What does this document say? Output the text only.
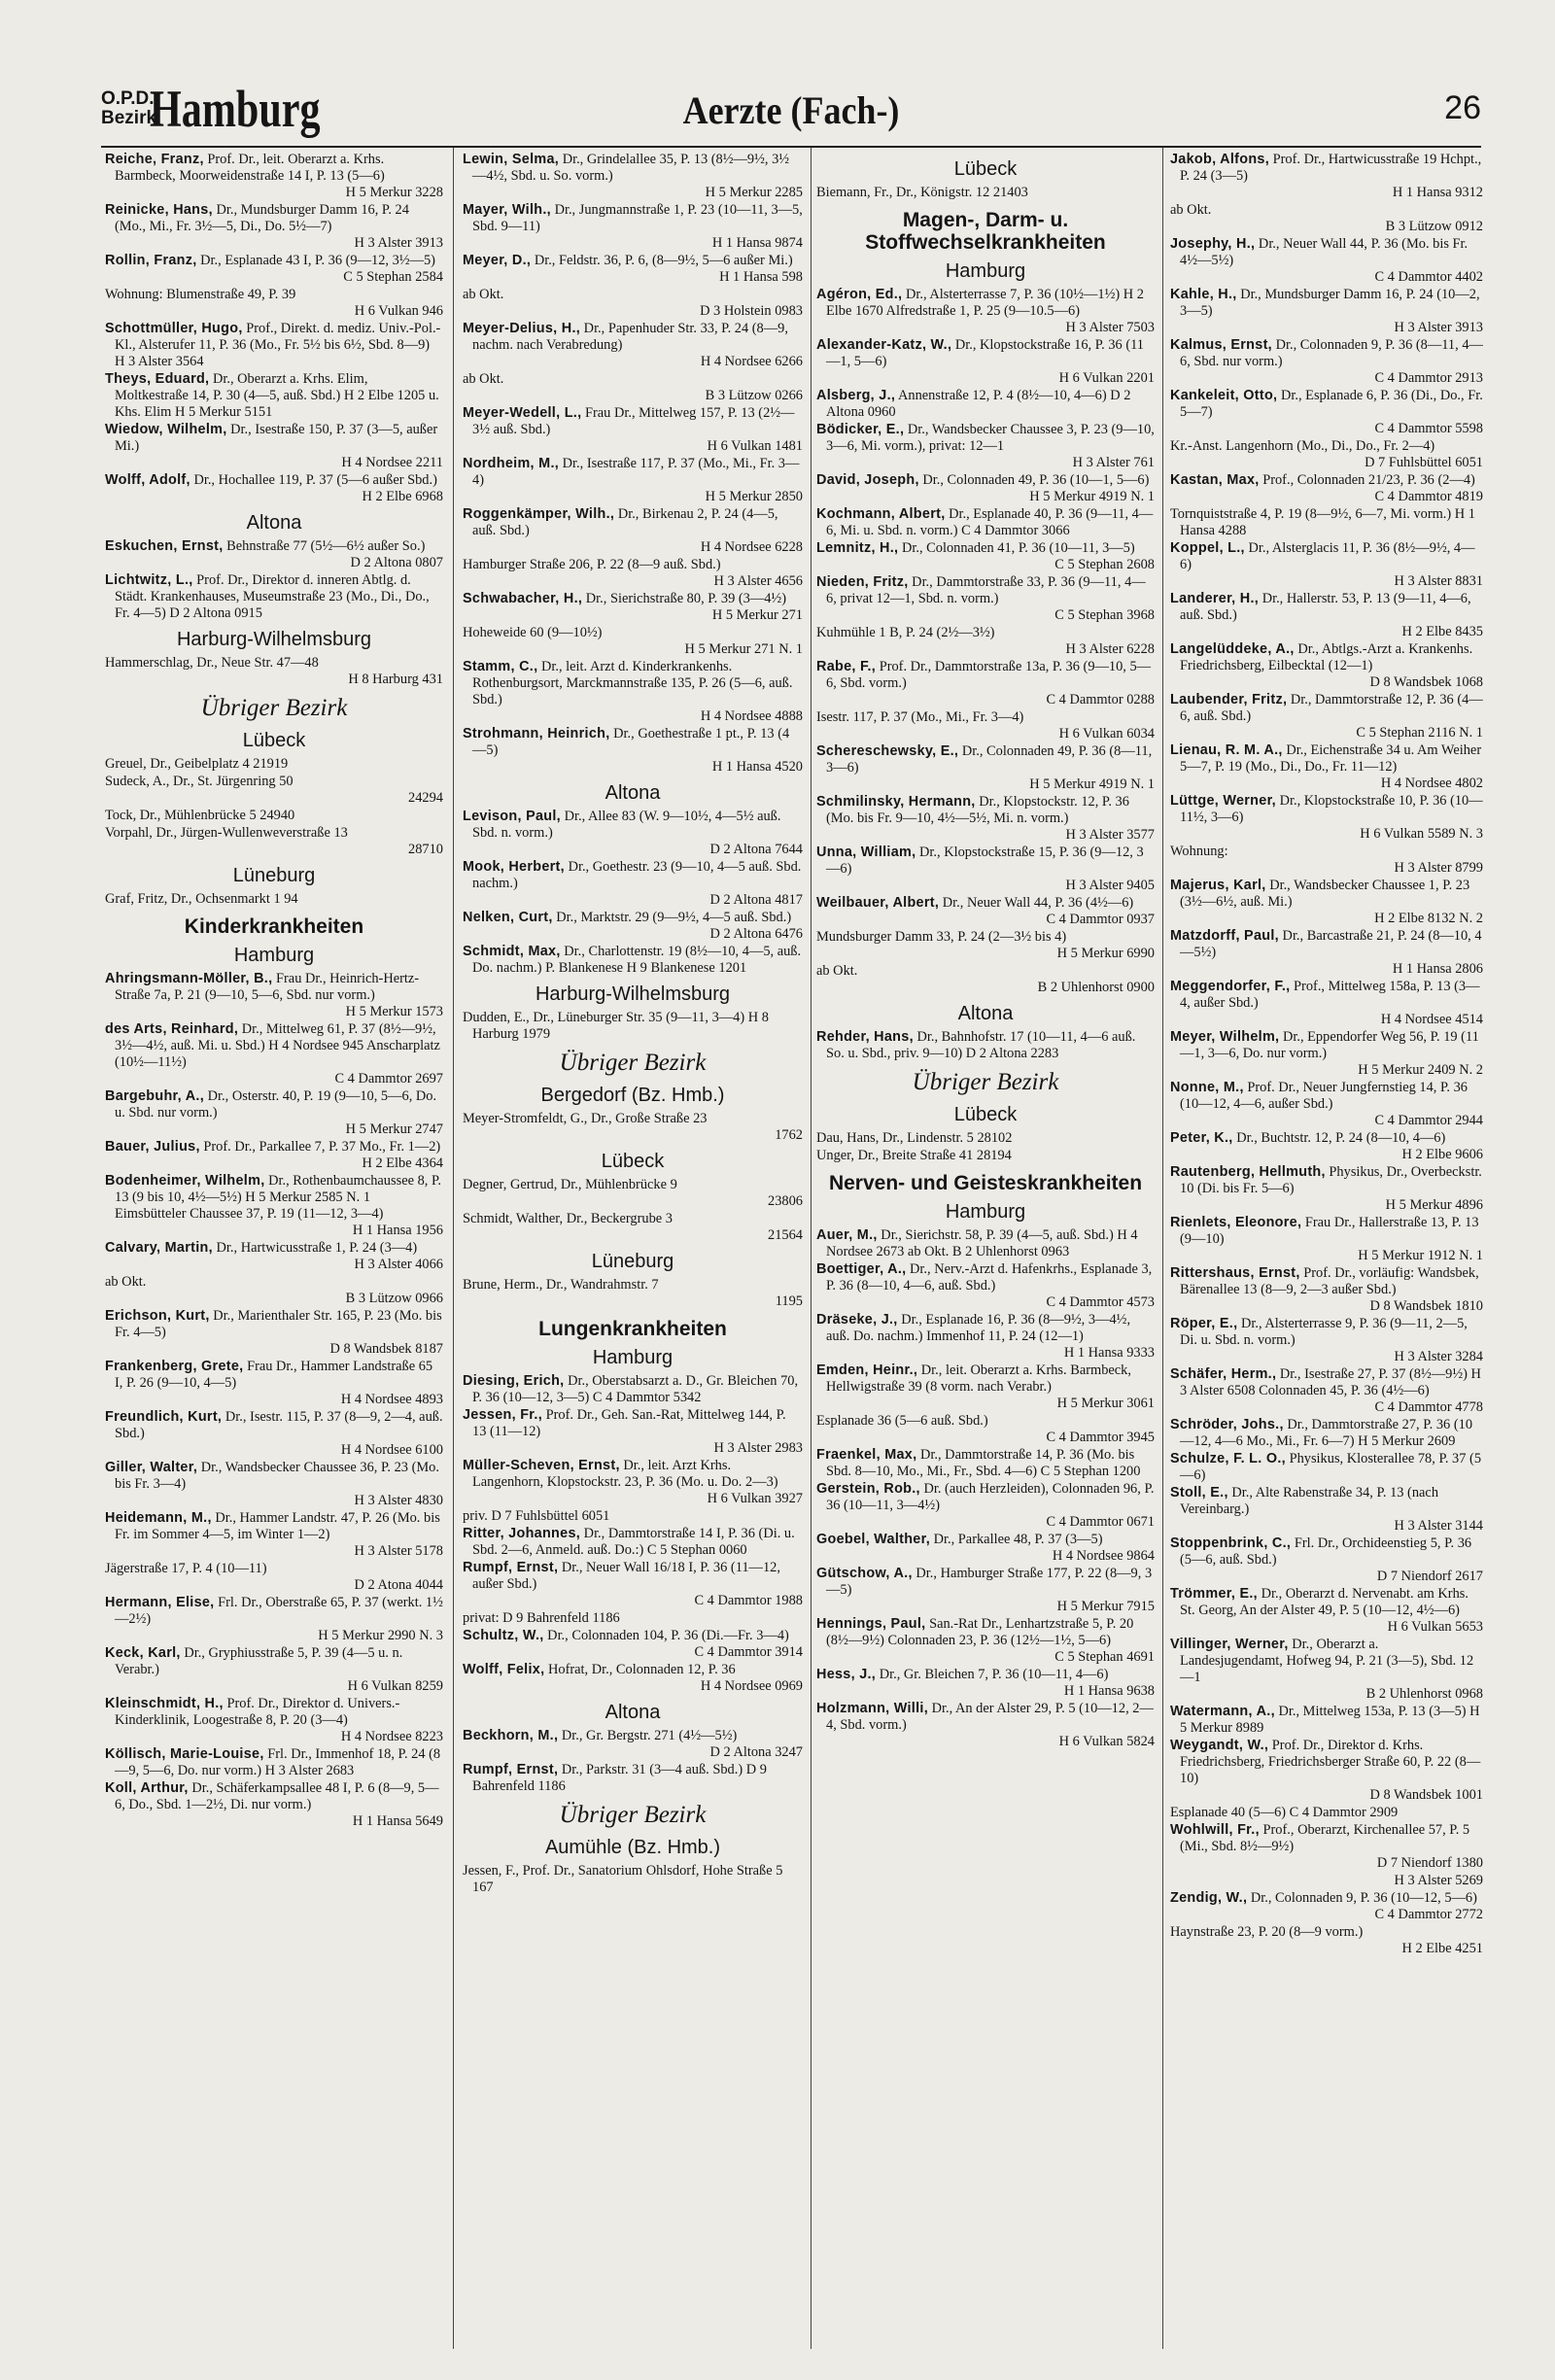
O.P.D.
Bezirk
Hamburg	Aerzte (Fach-)	26
Reiche, Franz, Prof. Dr., leit. Oberarzt a. Krhs. Barmbeck, Moorweidenstraße 14 I, P. 13 (5—6)
H 5 Merkur 3228
Reinicke, Hans, Dr., Mundsburger Damm 16, P. 24 (Mo., Mi., Fr. 3½—5, Di., Do. 5½—7)
H 3 Alster 3913
Rollin, Franz, Dr., Esplanade 43 I, P. 36 (9—12, 3½—5)
C 5 Stephan 2584
Wohnung: Blumenstraße 49, P. 39
H 6 Vulkan 946
Schottmüller, Hugo, Prof., Direkt. d. mediz. Univ.-Pol.-Kl., Alsterufer 11, P. 36 (Mo., Fr. 5½ bis 6½, Sbd. 8—9) H 3 Alster 3564
Theys, Eduard, Dr., Oberarzt a. Krhs. Elim, Moltkestraße 14, P. 30 (4—5, auß. Sbd.) H 2 Elbe 1205 u. Khs. Elim H 5 Merkur 5151
Wiedow, Wilhelm, Dr., Isestraße 150, P. 37 (3—5, außer Mi.)
H 4 Nordsee 2211
Wolff, Adolf, Dr., Hochallee 119, P. 37 (5—6 außer Sbd.)
H 2 Elbe 6968
Altona
Eskuchen, Ernst, Behnstraße 77 (5½—6½ außer So.)
D 2 Altona 0807
Lichtwitz, L., Prof. Dr., Direktor d. inneren Abtlg. d. Städt. Krankenhauses, Museumstraße 23 (Mo., Di., Do., Fr. 4—5) D 2 Altona 0915
Harburg-Wilhelmsburg
Hammerschlag, Dr., Neue Str. 47—48
H 8 Harburg 431
Übriger Bezirk
Lübeck
Greuel, Dr., Geibelplatz 4 21919
Sudeck, A., Dr., St. Jürgenring 50
24294
Tock, Dr., Mühlenbrücke 5 24940
Vorpahl, Dr., Jürgen-Wullenweverstraße 13
28710
Lüneburg
Graf, Fritz, Dr., Ochsenmarkt 1 94
Kinderkrankheiten
Hamburg
Ahringsmann-Möller, B., Frau Dr., Heinrich-Hertz-Straße 7a, P. 21 (9—10, 5—6, Sbd. nur vorm.)
H 5 Merkur 1573
des Arts, Reinhard, Dr., Mittelweg 61, P. 37 (8½—9½, 3½—4½, auß. Mi. u. Sbd.) H 4 Nordsee 945 Anscharplatz (10½—11½)
C 4 Dammtor 2697
Bargebuhr, A., Dr., Osterstr. 40, P. 19 (9—10, 5—6, Do. u. Sbd. nur vorm.)
H 5 Merkur 2747
Bauer, Julius, Prof. Dr., Parkallee 7, P. 37 Mo., Fr. 1—2)
H 2 Elbe 4364
Bodenheimer, Wilhelm, Dr., Rothenbaumchaussee 8, P. 13 (9 bis 10, 4½—5½) H 5 Merkur 2585 N. 1 Eimsbütteler Chaussee 37, P. 19 (11—12, 3—4)
H 1 Hansa 1956
Calvary, Martin, Dr., Hartwicusstraße 1, P. 24 (3—4)
H 3 Alster 4066
ab Okt.
B 3 Lützow 0966
Erichson, Kurt, Dr., Marienthaler Str. 165, P. 23 (Mo. bis Fr. 4—5)
D 8 Wandsbek 8187
Frankenberg, Grete, Frau Dr., Hammer Landstraße 65 I, P. 26 (9—10, 4—5)
H 4 Nordsee 4893
Freundlich, Kurt, Dr., Isestr. 115, P. 37 (8—9, 2—4, auß. Sbd.)
H 4 Nordsee 6100
Giller, Walter, Dr., Wandsbecker Chaussee 36, P. 23 (Mo. bis Fr. 3—4)
H 3 Alster 4830
Heidemann, M., Dr., Hammer Landstr. 47, P. 26 (Mo. bis Fr. im Sommer 4—5, im Winter 1—2)
H 3 Alster 5178
Jägerstraße 17, P. 4 (10—11)
D 2 Atona 4044
Hermann, Elise, Frl. Dr., Oberstraße 65, P. 37 (werkt. 1½—2½)
H 5 Merkur 2990 N. 3
Keck, Karl, Dr., Gryphiusstraße 5, P. 39 (4—5 u. n. Verabr.)
H 6 Vulkan 8259
Kleinschmidt, H., Prof. Dr., Direktor d. Univers.-Kinderklinik, Loogestraße 8, P. 20 (3—4)
H 4 Nordsee 8223
Köllisch, Marie-Louise, Frl. Dr., Immenhof 18, P. 24 (8—9, 5—6, Do. nur vorm.) H 3 Alster 2683
Koll, Arthur, Dr., Schäferkampsallee 48 I, P. 6 (8—9, 5—6, Do., Sbd. 1—2½, Di. nur vorm.)
H 1 Hansa 5649
Lewin, Selma, Dr., Grindelallee 35, P. 13 (8½—9½, 3½—4½, Sbd. u. So. vorm.)
H 5 Merkur 2285
Mayer, Wilh., Dr., Jungmannstraße 1, P. 23 (10—11, 3—5, Sbd. 9—11)
H 1 Hansa 9874
Meyer, D., Dr., Feldstr. 36, P. 6, (8—9½, 5—6 außer Mi.)
H 1 Hansa 598
ab Okt.
D 3 Holstein 0983
Meyer-Delius, H., Dr., Papenhuder Str. 33, P. 24 (8—9, nachm. nach Verabredung)
H 4 Nordsee 6266
ab Okt.
B 3 Lützow 0266
Meyer-Wedell, L., Frau Dr., Mittelweg 157, P. 13 (2½—3½ auß. Sbd.)
H 6 Vulkan 1481
Nordheim, M., Dr., Isestraße 117, P. 37 (Mo., Mi., Fr. 3—4)
H 5 Merkur 2850
Roggenkämper, Wilh., Dr., Birkenau 2, P. 24 (4—5, auß. Sbd.)
H 4 Nordsee 6228
Hamburger Straße 206, P. 22 (8—9 auß. Sbd.)
H 3 Alster 4656
Schwabacher, H., Dr., Sierichstraße 80, P. 39 (3—4½)
H 5 Merkur 271
Hoheweide 60 (9—10½)
H 5 Merkur 271 N. 1
Stamm, C., Dr., leit. Arzt d. Kinderkrankenhs. Rothenburgsort, Marckmannstraße 135, P. 26 (5—6, auß. Sbd.)
H 4 Nordsee 4888
Strohmann, Heinrich, Dr., Goethestraße 1 pt., P. 13 (4—5)
H 1 Hansa 4520
Altona
Levison, Paul, Dr., Allee 83 (W. 9—10½, 4—5½ auß. Sbd. n. vorm.)
D 2 Altona 7644
Mook, Herbert, Dr., Goethestr. 23 (9—10, 4—5 auß. Sbd. nachm.)
D 2 Altona 4817
Nelken, Curt, Dr., Marktstr. 29 (9—9½, 4—5 auß. Sbd.)
D 2 Altona 6476
Schmidt, Max, Dr., Charlottenstr. 19 (8½—10, 4—5, auß. Do. nachm.) P. Blankenese H 9 Blankenese 1201
Harburg-Wilhelmsburg
Dudden, E., Dr., Lüneburger Str. 35 (9—11, 3—4) H 8 Harburg 1979
Übriger Bezirk
Bergedorf (Bz. Hmb.)
Meyer-Stromfeldt, G., Dr., Große Straße 23
1762
Lübeck
Degner, Gertrud, Dr., Mühlenbrücke 9
23806
Schmidt, Walther, Dr., Beckergrube 3
21564
Lüneburg
Brune, Herm., Dr., Wandrahmstr. 7
1195
Lungenkrankheiten
Hamburg
Diesing, Erich, Dr., Oberstabsarzt a. D., Gr. Bleichen 70, P. 36 (10—12, 3—5) C 4 Dammtor 5342
Jessen, Fr., Prof. Dr., Geh. San.-Rat, Mittelweg 144, P. 13 (11—12)
H 3 Alster 2983
Müller-Scheven, Ernst, Dr., leit. Arzt Krhs. Langenhorn, Klopstockstr. 23, P. 36 (Mo. u. Do. 2—3)
H 6 Vulkan 3927
priv. D 7 Fuhlsbüttel 6051
Ritter, Johannes, Dr., Dammtorstraße 14 I, P. 36 (Di. u. Sbd. 2—6, Anmeld. auß. Do.:) C 5 Stephan 0060
Rumpf, Ernst, Dr., Neuer Wall 16/18 I, P. 36 (11—12, außer Sbd.)
C 4 Dammtor 1988
privat: D 9 Bahrenfeld 1186
Schultz, W., Dr., Colonnaden 104, P. 36 (Di.—Fr. 3—4)
C 4 Dammtor 3914
Wolff, Felix, Hofrat, Dr., Colonnaden 12, P. 36
H 4 Nordsee 0969
Altona
Beckhorn, M., Dr., Gr. Bergstr. 271 (4½—5½)
D 2 Altona 3247
Rumpf, Ernst, Dr., Parkstr. 31 (3—4 auß. Sbd.) D 9 Bahrenfeld 1186
Übriger Bezirk
Aumühle (Bz. Hmb.)
Jessen, F., Prof. Dr., Sanatorium Ohlsdorf, Hohe Straße 5 167
Lübeck
Biemann, Fr., Dr., Königstr. 12 21403
Magen-, Darm- u. Stoffwechselkrankheiten
Hamburg
Agéron, Ed., Dr., Alsterterrasse 7, P. 36 (10½—1½) H 2 Elbe 1670 Alfredstraße 1, P. 25 (9—10.5—6)
H 3 Alster 7503
Alexander-Katz, W., Dr., Klopstockstraße 16, P. 36 (11—1, 5—6)
H 6 Vulkan 2201
Alsberg, J., Annenstraße 12, P. 4 (8½—10, 4—6) D 2 Altona 0960
Bödicker, E., Dr., Wandsbecker Chaussee 3, P. 23 (9—10, 3—6, Mi. vorm.), privat: 12—1
H 3 Alster 761
David, Joseph, Dr., Colonnaden 49, P. 36 (10—1, 5—6)
H 5 Merkur 4919 N. 1
Kochmann, Albert, Dr., Esplanade 40, P. 36 (9—11, 4—6, Mi. u. Sbd. n. vorm.) C 4 Dammtor 3066
Lemnitz, H., Dr., Colonnaden 41, P. 36 (10—11, 3—5)
C 5 Stephan 2608
Nieden, Fritz, Dr., Dammtorstraße 33, P. 36 (9—11, 4—6, privat 12—1, Sbd. n. vorm.)
C 5 Stephan 3968
Kuhmühle 1 B, P. 24 (2½—3½)
H 3 Alster 6228
Rabe, F., Prof. Dr., Dammtorstraße 13a, P. 36 (9—10, 5—6, Sbd. vorm.)
C 4 Dammtor 0288
Isestr. 117, P. 37 (Mo., Mi., Fr. 3—4)
H 6 Vulkan 6034
Schereschewsky, E., Dr., Colonnaden 49, P. 36 (8—11, 3—6)
H 5 Merkur 4919 N. 1
Schmilinsky, Hermann, Dr., Klopstockstr. 12, P. 36 (Mo. bis Fr. 9—10, 4½—5½, Mi. n. vorm.)
H 3 Alster 3577
Unna, William, Dr., Klopstockstraße 15, P. 36 (9—12, 3—6)
H 3 Alster 9405
Weilbauer, Albert, Dr., Neuer Wall 44, P. 36 (4½—6)
C 4 Dammtor 0937
Mundsburger Damm 33, P. 24 (2—3½ bis 4)
H 5 Merkur 6990
ab Okt.
B 2 Uhlenhorst 0900
Altona
Rehder, Hans, Dr., Bahnhofstr. 17 (10—11, 4—6 auß. So. u. Sbd., priv. 9—10) D 2 Altona 2283
Übriger Bezirk
Lübeck
Dau, Hans, Dr., Lindenstr. 5 28102
Unger, Dr., Breite Straße 41 28194
Nerven- und Geisteskrankheiten
Hamburg
Auer, M., Dr., Sierichstr. 58, P. 39 (4—5, auß. Sbd.) H 4 Nordsee 2673 ab Okt. B 2 Uhlenhorst 0963
Boettiger, A., Dr., Nerv.-Arzt d. Hafenkrhs., Esplanade 3, P. 36 (8—10, 4—6, auß. Sbd.)
C 4 Dammtor 4573
Dräseke, J., Dr., Esplanade 16, P. 36 (8—9½, 3—4½, auß. Do. nachm.) Immenhof 11, P. 24 (12—1)
H 1 Hansa 9333
Emden, Heinr., Dr., leit. Oberarzt a. Krhs. Barmbeck, Hellwigstraße 39 (8 vorm. nach Verabr.)
H 5 Merkur 3061
Esplanade 36 (5—6 auß. Sbd.)
C 4 Dammtor 3945
Fraenkel, Max, Dr., Dammtorstraße 14, P. 36 (Mo. bis Sbd. 8—10, Mo., Mi., Fr., Sbd. 4—6) C 5 Stephan 1200
Gerstein, Rob., Dr. (auch Herzleiden), Colonnaden 96, P. 36 (10—11, 3—4½)
C 4 Dammtor 0671
Goebel, Walther, Dr., Parkallee 48, P. 37 (3—5)
H 4 Nordsee 9864
Gütschow, A., Dr., Hamburger Straße 177, P. 22 (8—9, 3—5)
H 5 Merkur 7915
Hennings, Paul, San.-Rat Dr., Lenhartzstraße 5, P. 20 (8½—9½) Colonnaden 23, P. 36 (12½—1½, 5—6)
C 5 Stephan 4691
Hess, J., Dr., Gr. Bleichen 7, P. 36 (10—11, 4—6)
H 1 Hansa 9638
Holzmann, Willi, Dr., An der Alster 29, P. 5 (10—12, 2—4, Sbd. vorm.)
H 6 Vulkan 5824
Jakob, Alfons, Prof. Dr., Hartwicusstraße 19 Hchpt., P. 24 (3—5)
H 1 Hansa 9312
ab Okt.
B 3 Lützow 0912
Josephy, H., Dr., Neuer Wall 44, P. 36 (Mo. bis Fr. 4½—5½)
C 4 Dammtor 4402
Kahle, H., Dr., Mundsburger Damm 16, P. 24 (10—2, 3—5)
H 3 Alster 3913
Kalmus, Ernst, Dr., Colonnaden 9, P. 36 (8—11, 4—6, Sbd. nur vorm.)
C 4 Dammtor 2913
Kankeleit, Otto, Dr., Esplanade 6, P. 36 (Di., Do., Fr. 5—7)
C 4 Dammtor 5598
Kr.-Anst. Langenhorn (Mo., Di., Do., Fr. 2—4)
D 7 Fuhlsbüttel 6051
Kastan, Max, Prof., Colonnaden 21/23, P. 36 (2—4)
C 4 Dammtor 4819
Tornquiststraße 4, P. 19 (8—9½, 6—7, Mi. vorm.) H 1 Hansa 4288
Koppel, L., Dr., Alsterglacis 11, P. 36 (8½—9½, 4—6)
H 3 Alster 8831
Landerer, H., Dr., Hallerstr. 53, P. 13 (9—11, 4—6, auß. Sbd.)
H 2 Elbe 8435
Langelüddeke, A., Dr., Abtlgs.-Arzt a. Krankenhs. Friedrichsberg, Eilbecktal (12—1)
D 8 Wandsbek 1068
Laubender, Fritz, Dr., Dammtorstraße 12, P. 36 (4—6, auß. Sbd.)
C 5 Stephan 2116 N. 1
Lienau, R. M. A., Dr., Eichenstraße 34 u. Am Weiher 5—7, P. 19 (Mo., Di., Do., Fr. 11—12)
H 4 Nordsee 4802
Lüttge, Werner, Dr., Klopstockstraße 10, P. 36 (10—11½, 3—6)
H 6 Vulkan 5589 N. 3
Wohnung:
H 3 Alster 8799
Majerus, Karl, Dr., Wandsbecker Chaussee 1, P. 23 (3½—6½, auß. Mi.)
H 2 Elbe 8132 N. 2
Matzdorff, Paul, Dr., Barcastraße 21, P. 24 (8—10, 4—5½)
H 1 Hansa 2806
Meggendorfer, F., Prof., Mittelweg 158a, P. 13 (3—4, außer Sbd.)
H 4 Nordsee 4514
Meyer, Wilhelm, Dr., Eppendorfer Weg 56, P. 19 (11—1, 3—6, Do. nur vorm.)
H 5 Merkur 2409 N. 2
Nonne, M., Prof. Dr., Neuer Jungfernstieg 14, P. 36 (10—12, 4—6, außer Sbd.)
C 4 Dammtor 2944
Peter, K., Dr., Buchtstr. 12, P. 24 (8—10, 4—6)
H 2 Elbe 9606
Rautenberg, Hellmuth, Physikus, Dr., Overbeckstr. 10 (Di. bis Fr. 5—6)
H 5 Merkur 4896
Rienlets, Eleonore, Frau Dr., Hallerstraße 13, P. 13 (9—10)
H 5 Merkur 1912 N. 1
Rittershaus, Ernst, Prof. Dr., vorläufig: Wandsbek, Bärenallee 13 (8—9, 2—3 außer Sbd.)
D 8 Wandsbek 1810
Röper, E., Dr., Alsterterrasse 9, P. 36 (9—11, 2—5, Di. u. Sbd. n. vorm.)
H 3 Alster 3284
Schäfer, Herm., Dr., Isestraße 27, P. 37 (8½—9½) H 3 Alster 6508 Colonnaden 45, P. 36 (4½—6)
C 4 Dammtor 4778
Schröder, Johs., Dr., Dammtorstraße 27, P. 36 (10—12, 4—6 Mo., Mi., Fr. 6—7) H 5 Merkur 2609
Schulze, F. L. O., Physikus, Klosterallee 78, P. 37 (5—6)
Stoll, E., Dr., Alte Rabenstraße 34, P. 13 (nach Vereinbarg.)
H 3 Alster 3144
Stoppenbrink, C., Frl. Dr., Orchideenstieg 5, P. 36 (5—6, auß. Sbd.)
D 7 Niendorf 2617
Trömmer, E., Dr., Oberarzt d. Nervenabt. am Krhs. St. Georg, An der Alster 49, P. 5 (10—12, 4½—6)
H 6 Vulkan 5653
Villinger, Werner, Dr., Oberarzt a. Landesjugendamt, Hofweg 94, P. 21 (3—5), Sbd. 12—1
B 2 Uhlenhorst 0968
Watermann, A., Dr., Mittelweg 153a, P. 13 (3—5) H 5 Merkur 8989
Weygandt, W., Prof. Dr., Direktor d. Krhs. Friedrichsberg, Friedrichsberger Straße 60, P. 22 (8—10)
D 8 Wandsbek 1001
Esplanade 40 (5—6) C 4 Dammtor 2909
Wohlwill, Fr., Prof., Oberarzt, Kirchenallee 57, P. 5 (Mi., Sbd. 8½—9½)
D 7 Niendorf 1380
H 3 Alster 5269
Zendig, W., Dr., Colonnaden 9, P. 36 (10—12, 5—6)
C 4 Dammtor 2772
Haynstraße 23, P. 20 (8—9 vorm.)
H 2 Elbe 4251
